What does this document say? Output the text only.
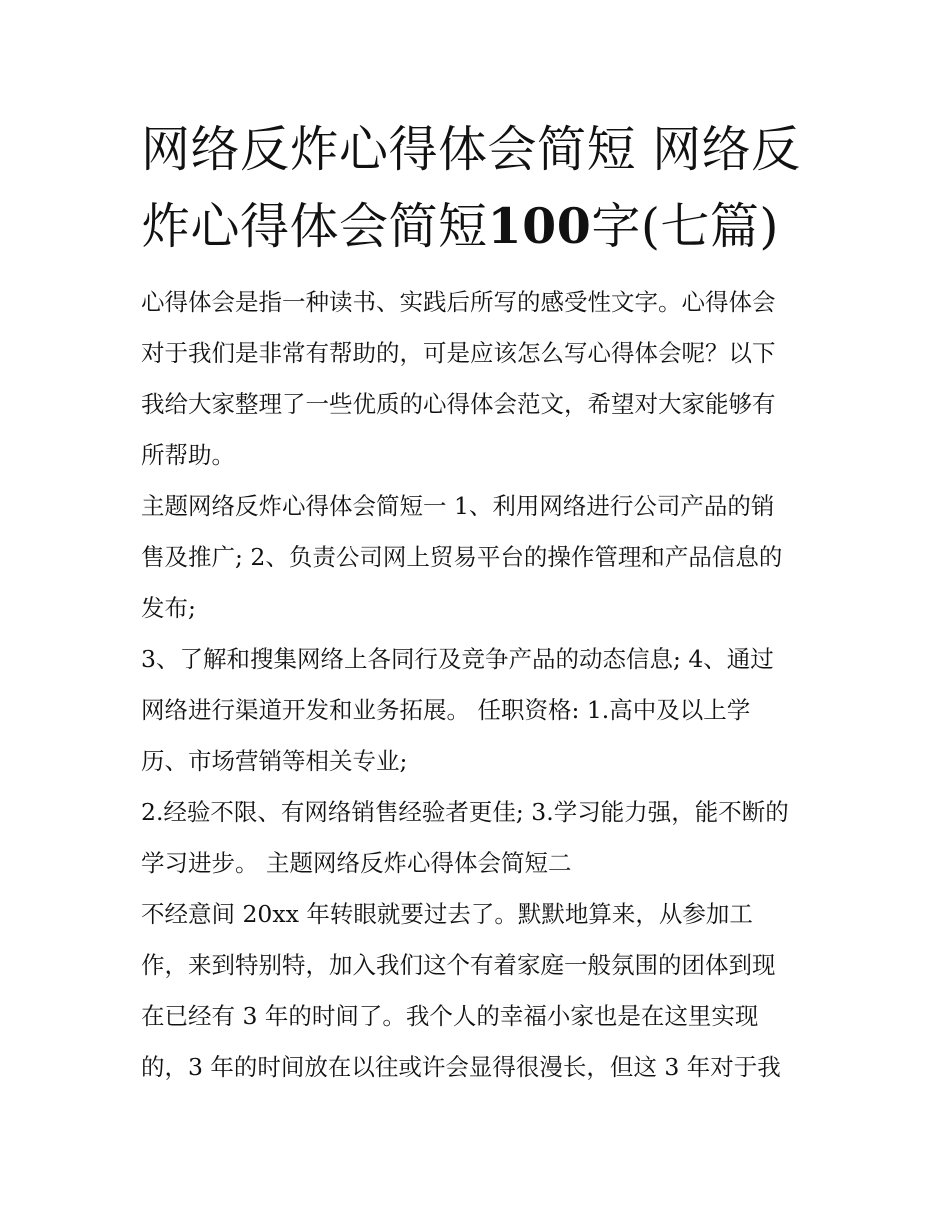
网络反炸心得体会简短 网络反
炸心得体会简短100字(七篇)

心得体会是指一种读书、实践后所写的感受性文字。心得体会
对于我们是非常有帮助的，可是应该怎么写心得体会呢？以下
我给大家整理了一些优质的心得体会范文，希望对大家能够有
所帮助。

主题网络反炸心得体会简短一 1、利用网络进行公司产品的销
售及推广; 2、负责公司网上贸易平台的操作管理和产品信息的
发布;

3、了解和搜集网络上各同行及竞争产品的动态信息; 4、通过
网络进行渠道开发和业务拓展。 任职资格: 1.高中及以上学
历、市场营销等相关专业;

2.经验不限、有网络销售经验者更佳; 3.学习能力强，能不断的
学习进步。 主题网络反炸心得体会简短二

不经意间 20xx 年转眼就要过去了。默默地算来，从参加工
作，来到特别特，加入我们这个有着家庭一般氛围的团体到现
在已经有 3 年的时间了。我个人的幸福小家也是在这里实现
的，3 年的时间放在以往或许会显得很漫长，但这 3 年对于我
